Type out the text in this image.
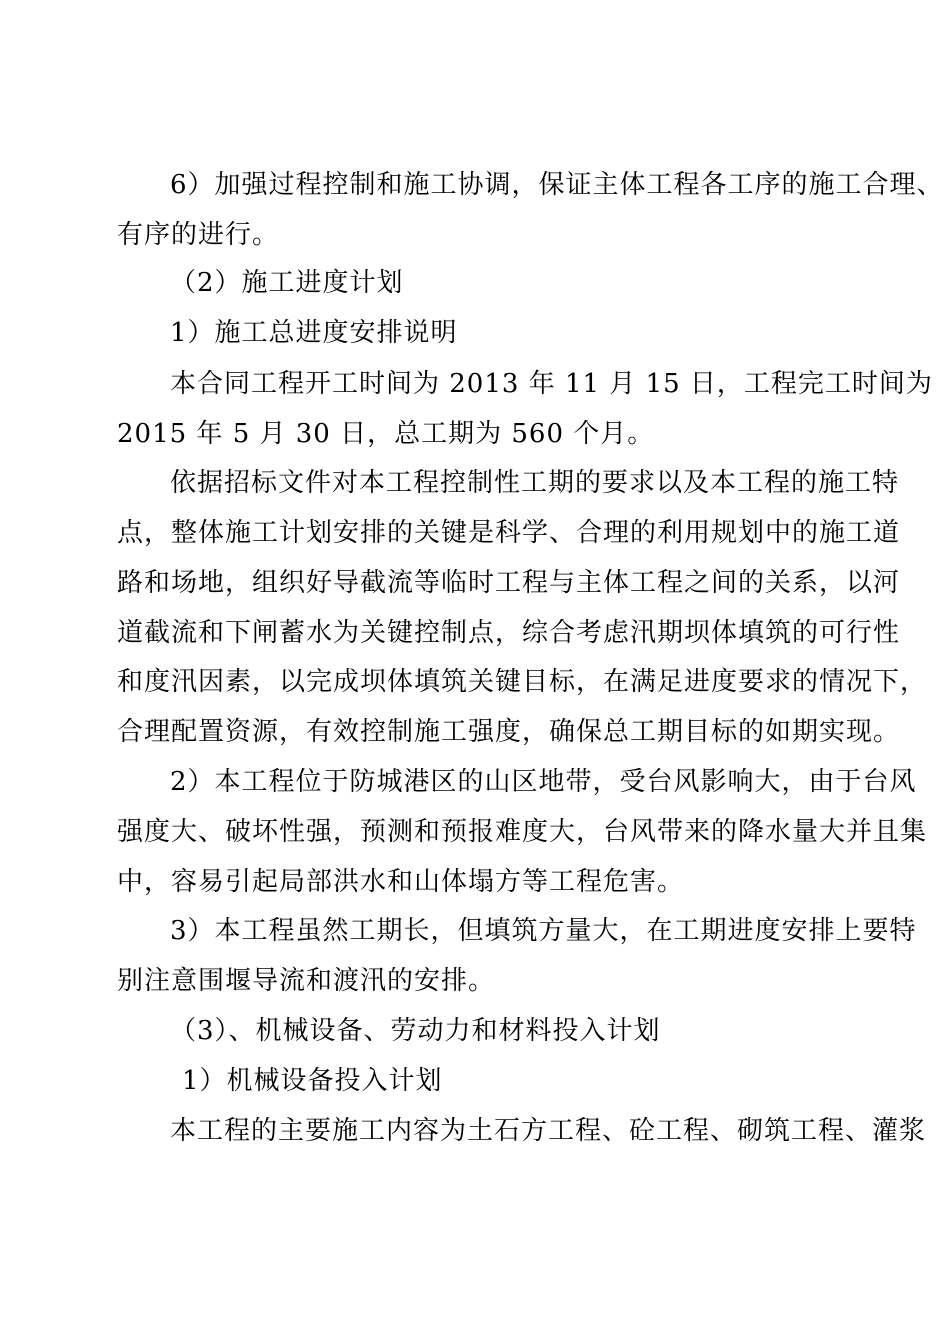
6）加强过程控制和施工协调，保证主体工程各工序的施工合理、
有序的进行。
（2）施工进度计划
1）施工总进度安排说明
本合同工程开工时间为 2013 年 11 月 15 日，工程完工时间为
2015 年 5 月 30 日，总工期为 560 个月。
依据招标文件对本工程控制性工期的要求以及本工程的施工特
点，整体施工计划安排的关键是科学、合理的利用规划中的施工道
路和场地，组织好导截流等临时工程与主体工程之间的关系，以河
道截流和下闸蓄水为关键控制点，综合考虑汛期坝体填筑的可行性
和度汛因素，以完成坝体填筑关键目标，在满足进度要求的情况下，
合理配置资源，有效控制施工强度，确保总工期目标的如期实现。
2）本工程位于防城港区的山区地带，受台风影响大，由于台风
强度大、破坏性强，预测和预报难度大，台风带来的降水量大并且集
中，容易引起局部洪水和山体塌方等工程危害。
3）本工程虽然工期长，但填筑方量大，在工期进度安排上要特
别注意围堰导流和渡汛的安排。
（3）、机械设备、劳动力和材料投入计划
1）机械设备投入计划
本工程的主要施工内容为土石方工程、砼工程、砌筑工程、灌浆
